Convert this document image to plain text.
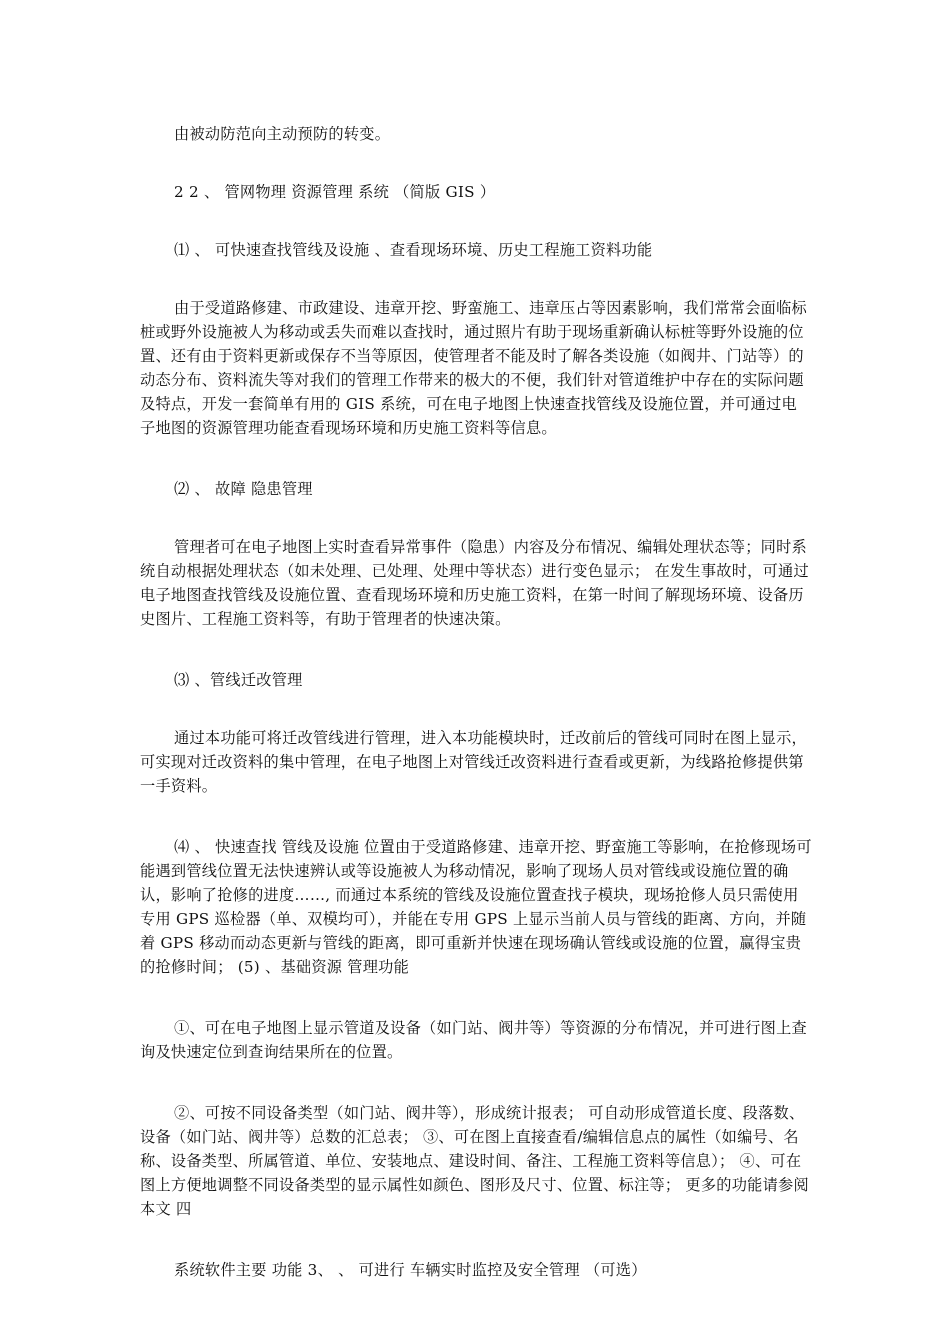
由被动防范向主动预防的转变。

2 2 、 管网物理 资源管理 系统 （简版 GIS ）

⑴ 、 可快速查找管线及设施 、查看现场环境、历史工程施工资料功能

由于受道路修建、市政建设、违章开挖、野蛮施工、违章压占等因素影响，我们常常会面临标桩或野外设施被人为移动或丢失而难以查找时，通过照片有助于现场重新确认标桩等野外设施的位置、还有由于资料更新或保存不当等原因，使管理者不能及时了解各类设施（如阀井、门站等）的动态分布、资料流失等对我们的管理工作带来的极大的不便，我们针对管道维护中存在的实际问题及特点，开发一套简单有用的 GIS 系统，可在电子地图上快速查找管线及设施位置，并可通过电子地图的资源管理功能查看现场环境和历史施工资料等信息。

⑵ 、 故障 隐患管理

管理者可在电子地图上实时查看异常事件（隐患）内容及分布情况、编辑处理状态等；同时系统自动根据处理状态（如未处理、已处理、处理中等状态）进行变色显示； 在发生事故时，可通过电子地图查找管线及设施位置、查看现场环境和历史施工资料，在第一时间了解现场环境、设备历史图片、工程施工资料等，有助于管理者的快速决策。

⑶ 、管线迁改管理

通过本功能可将迁改管线进行管理，进入本功能模块时，迁改前后的管线可同时在图上显示，可实现对迁改资料的集中管理，在电子地图上对管线迁改资料进行查看或更新，为线路抢修提供第一手资料。

⑷ 、 快速查找 管线及设施 位置由于受道路修建、违章开挖、野蛮施工等影响，在抢修现场可能遇到管线位置无法快速辨认或等设施被人为移动情况，影响了现场人员对管线或设施位置的确认，影响了抢修的进度……, 而通过本系统的管线及设施位置查找子模块，现场抢修人员只需使用专用 GPS 巡检器（单、双模均可），并能在专用 GPS 上显示当前人员与管线的距离、方向，并随着 GPS 移动而动态更新与管线的距离，即可重新并快速在现场确认管线或设施的位置，赢得宝贵的抢修时间； (5) 、基础资源 管理功能

①、可在电子地图上显示管道及设备（如门站、阀井等）等资源的分布情况，并可进行图上查询及快速定位到查询结果所在的位置。

②、可按不同设备类型（如门站、阀井等），形成统计报表； 可自动形成管道长度、段落数、设备（如门站、阀井等）总数的汇总表； ③、可在图上直接查看/编辑信息点的属性（如编号、名称、设备类型、所属管道、单位、安装地点、建设时间、备注、工程施工资料等信息）； ④、可在图上方便地调整不同设备类型的显示属性如颜色、图形及尺寸、位置、标注等； 更多的功能请参阅本文 四

系统软件主要 功能 3、 、 可进行 车辆实时监控及安全管理 （可选）
